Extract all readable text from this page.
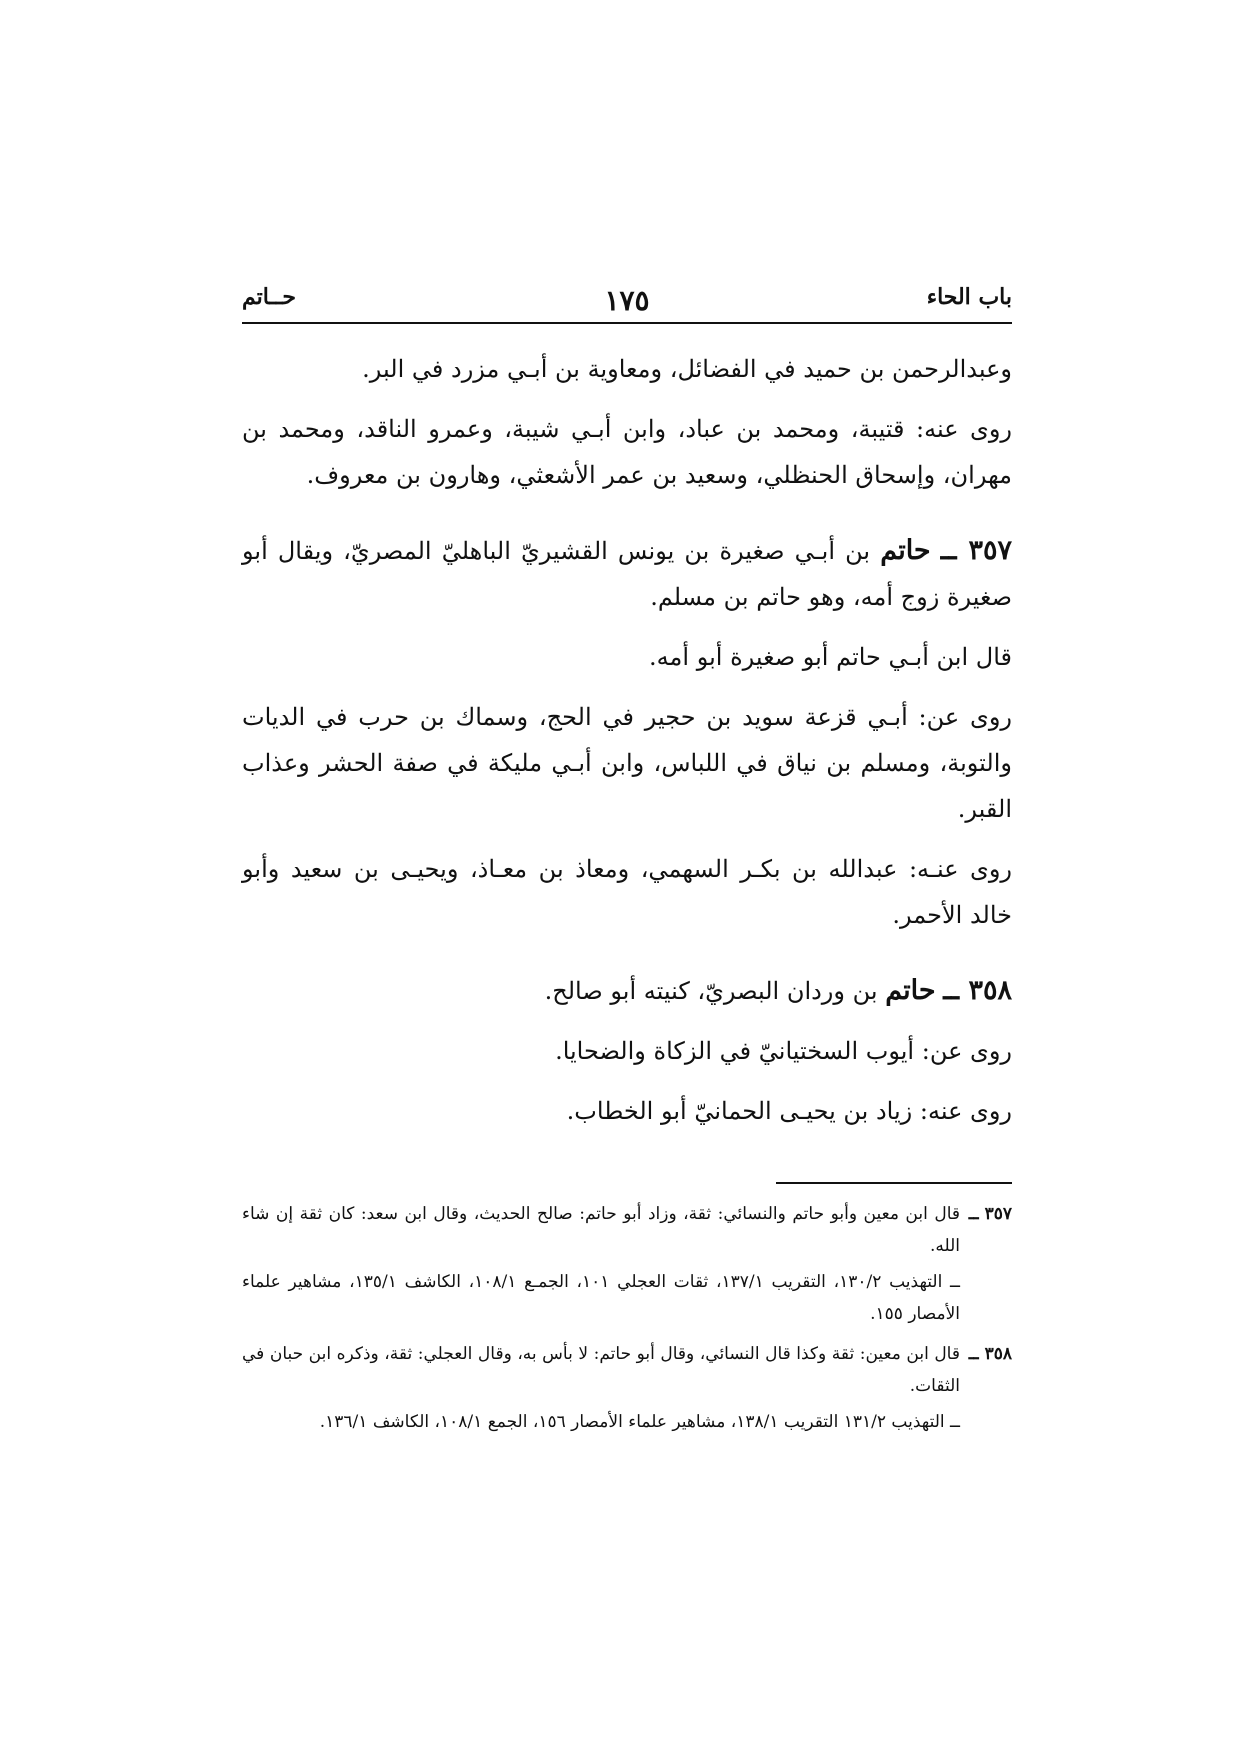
باب الحاء
١٧٥
حــاتم

وعبدالرحمن بن حميد في الفضائل، ومعاوية بن أبـي مزرد في البر.

روى عنه: قتيبة، ومحمد بن عباد، وابن أبـي شيبة، وعمرو الناقد، ومحمد بن مهران، وإسحاق الحنظلي، وسعيد بن عمر الأشعثي، وهارون بن معروف.

٣٥٧ ــ حاتم بن أبـي صغيرة بن يونس القشيريّ الباهليّ المصريّ، ويقال أبو صغيرة زوج أمه، وهو حاتم بن مسلم.

قال ابن أبـي حاتم أبو صغيرة أبو أمه.

روى عن: أبـي قزعة سويد بن حجير في الحج، وسماك بن حرب في الديات والتوبة، ومسلم بن نياق في اللباس، وابن أبـي مليكة في صفة الحشر وعذاب القبر.

روى عنـه: عبدالله بن بكـر السهمي، ومعاذ بن معـاذ، ويحيـى بن سعيد وأبو خالد الأحمر.

٣٥٨ ــ حاتم بن وردان البصريّ، كنيته أبو صالح.

روى عن: أيوب السختيانيّ في الزكاة والضحايا.

روى عنه: زياد بن يحيـى الحمانيّ أبو الخطاب.

٣٥٧ ــ

قال ابن معين وأبو حاتم والنسائي: ثقة، وزاد أبو حاتم: صالح الحديث، وقال ابن سعد: كان ثقة إن شاء الله.

ــ التهذيب ١٣٠/٢، التقريب ١٣٧/١، ثقات العجلي ١٠١، الجمـع ١٠٨/١، الكاشف ١٣٥/١، مشاهير علماء الأمصار ١٥٥.

٣٥٨ ــ

قال ابن معين: ثقة وكذا قال النسائي، وقال أبو حاتم: لا بأس به، وقال العجلي: ثقة، وذكره ابن حبان في الثقات.

ــ التهذيب ١٣١/٢ التقريب ١٣٨/١، مشاهير علماء الأمصار ١٥٦، الجمع ١٠٨/١، الكاشف ١٣٦/١.
